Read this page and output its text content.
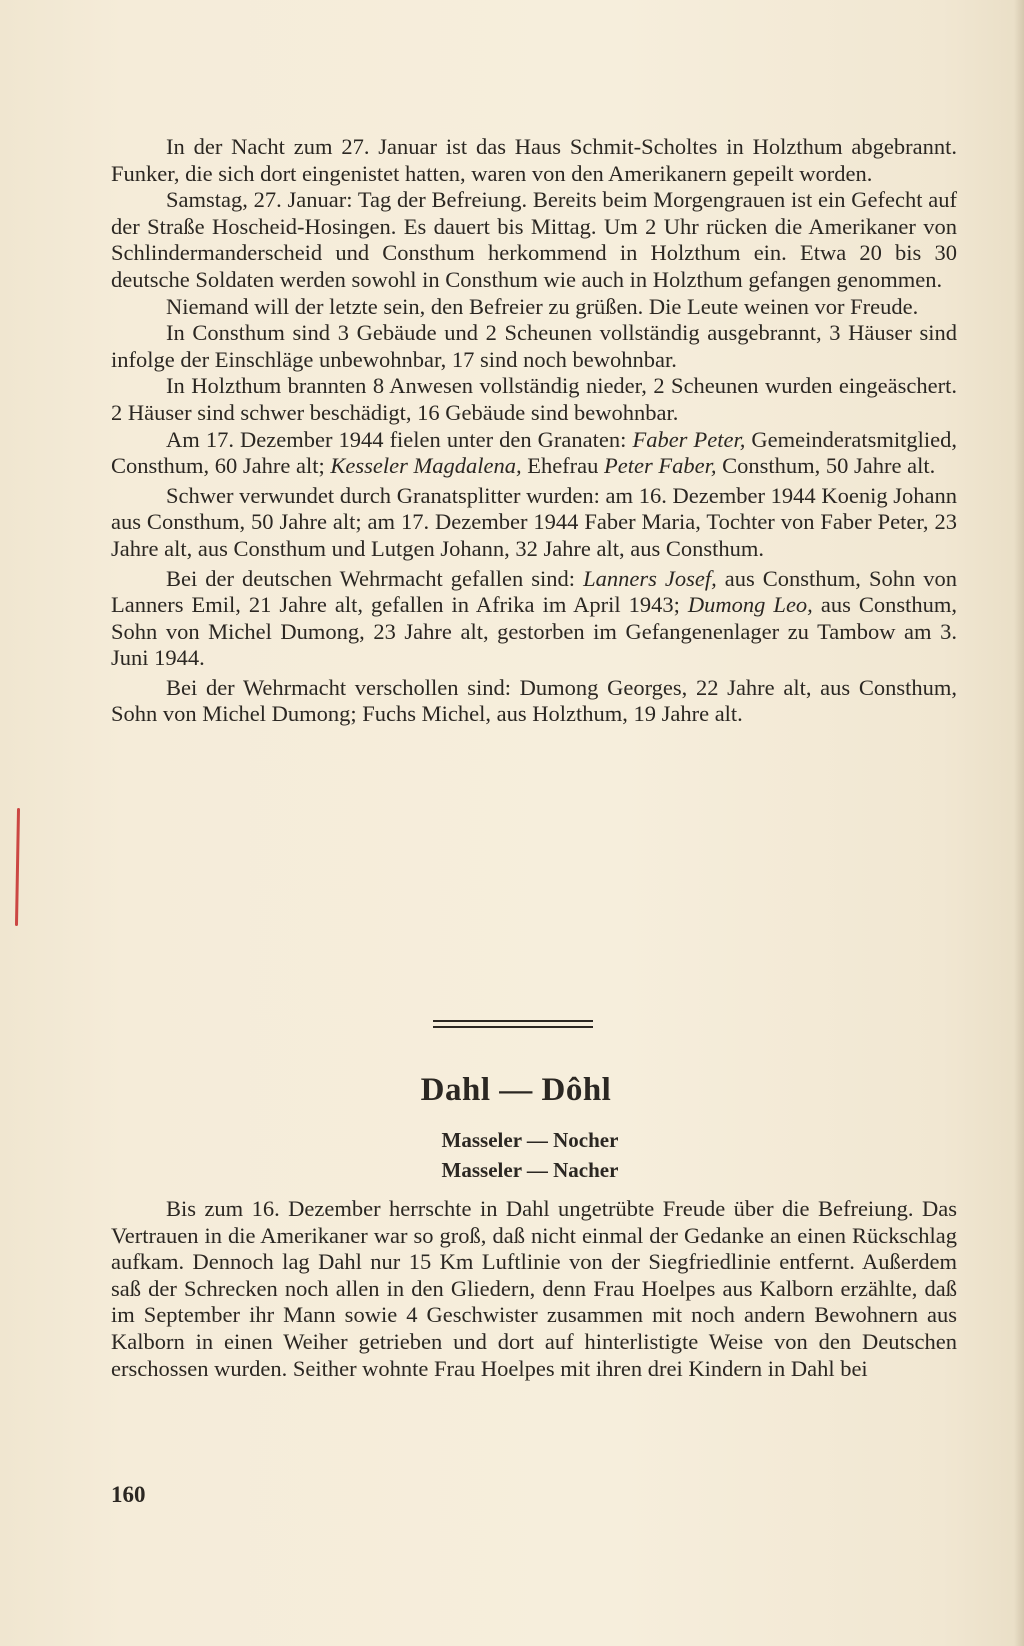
In der Nacht zum 27. Januar ist das Haus Schmit-Scholtes in Holzthum abgebrannt. Funker, die sich dort eingenistet hatten, waren von den Amerikanern gepeilt worden.

Samstag, 27. Januar: Tag der Befreiung. Bereits beim Morgengrauen ist ein Gefecht auf der Straße Hoscheid-Hosingen. Es dauert bis Mittag. Um 2 Uhr rücken die Amerikaner von Schlindermanderscheid und Consthum herkommend in Holzthum ein. Etwa 20 bis 30 deutsche Soldaten werden sowohl in Consthum wie auch in Holzthum gefangen genommen.

Niemand will der letzte sein, den Befreier zu grüßen. Die Leute weinen vor Freude.

In Consthum sind 3 Gebäude und 2 Scheunen vollständig ausgebrannt, 3 Häuser sind infolge der Einschläge unbewohnbar, 17 sind noch bewohnbar.

In Holzthum brannten 8 Anwesen vollständig nieder, 2 Scheunen wurden eingeäschert. 2 Häuser sind schwer beschädigt, 16 Gebäude sind bewohnbar.

Am 17. Dezember 1944 fielen unter den Granaten: Faber Peter, Gemeinderatsmitglied, Consthum, 60 Jahre alt; Kesseler Magdalena, Ehefrau Peter Faber, Consthum, 50 Jahre alt.

Schwer verwundet durch Granatsplitter wurden: am 16. Dezember 1944 Koenig Johann aus Consthum, 50 Jahre alt; am 17. Dezember 1944 Faber Maria, Tochter von Faber Peter, 23 Jahre alt, aus Consthum und Lutgen Johann, 32 Jahre alt, aus Consthum.

Bei der deutschen Wehrmacht gefallen sind: Lanners Josef, aus Consthum, Sohn von Lanners Emil, 21 Jahre alt, gefallen in Afrika im April 1943; Dumong Leo, aus Consthum, Sohn von Michel Dumong, 23 Jahre alt, gestorben im Gefangenenlager zu Tambow am 3. Juni 1944.

Bei der Wehrmacht verschollen sind: Dumong Georges, 22 Jahre alt, aus Consthum, Sohn von Michel Dumong; Fuchs Michel, aus Holzthum, 19 Jahre alt.

Dahl — Dôhl
Masseler — Nocher
Masseler — Nacher

Bis zum 16. Dezember herrschte in Dahl ungetrübte Freude über die Befreiung. Das Vertrauen in die Amerikaner war so groß, daß nicht einmal der Gedanke an einen Rückschlag aufkam. Dennoch lag Dahl nur 15 Km Luftlinie von der Siegfriedlinie entfernt. Außerdem saß der Schrecken noch allen in den Gliedern, denn Frau Hoelpes aus Kalborn erzählte, daß im September ihr Mann sowie 4 Geschwister zusammen mit noch andern Bewohnern aus Kalborn in einen Weiher getrieben und dort auf hinterlistigte Weise von den Deutschen erschossen wurden. Seither wohnte Frau Hoelpes mit ihren drei Kindern in Dahl bei

160
